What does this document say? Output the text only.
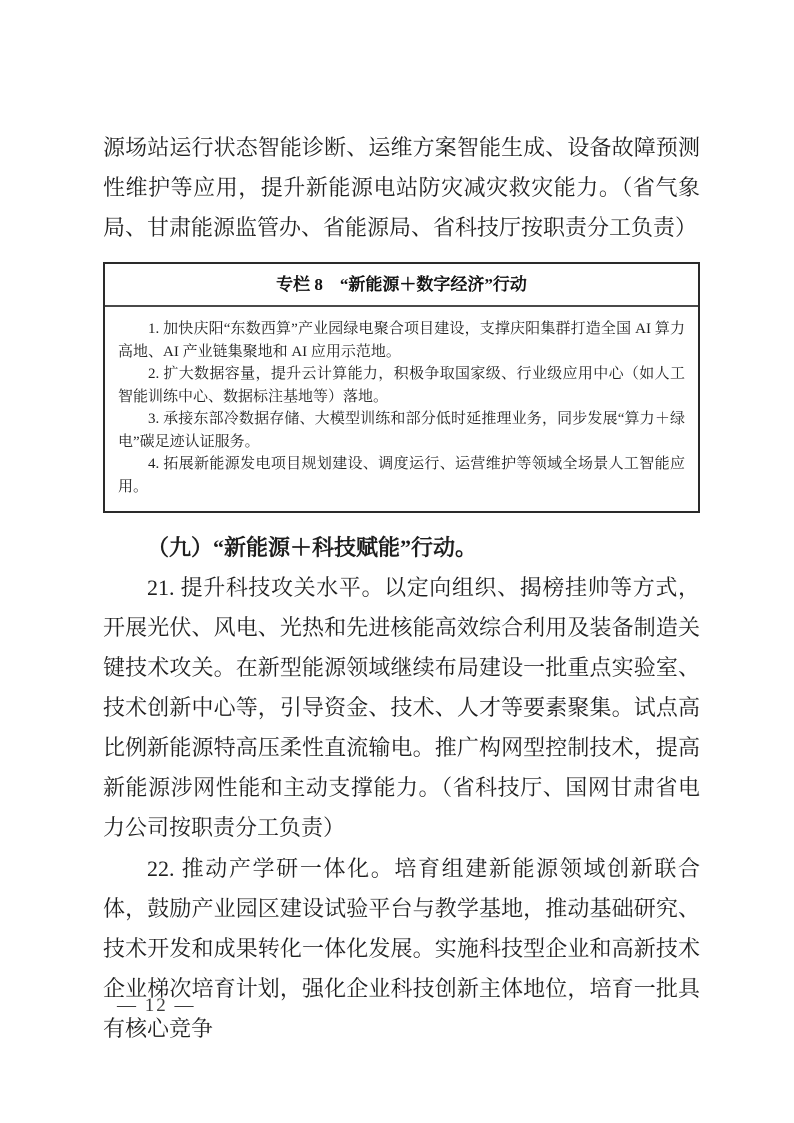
源场站运行状态智能诊断、运维方案智能生成、设备故障预测性维护等应用，提升新能源电站防灾减灾救灾能力。（省气象局、甘肃能源监管办、省能源局、省科技厅按职责分工负责）

专栏 8　“新能源＋数字经济”行动

1. 加快庆阳“东数西算”产业园绿电聚合项目建设，支撑庆阳集群打造全国 AI 算力高地、AI 产业链集聚地和 AI 应用示范地。

2. 扩大数据容量，提升云计算能力，积极争取国家级、行业级应用中心（如人工智能训练中心、数据标注基地等）落地。

3. 承接东部冷数据存储、大模型训练和部分低时延推理业务，同步发展“算力＋绿电”碳足迹认证服务。

4. 拓展新能源发电项目规划建设、调度运行、运营维护等领域全场景人工智能应用。

（九）“新能源＋科技赋能”行动。

21. 提升科技攻关水平。以定向组织、揭榜挂帅等方式，开展光伏、风电、光热和先进核能高效综合利用及装备制造关键技术攻关。在新型能源领域继续布局建设一批重点实验室、技术创新中心等，引导资金、技术、人才等要素聚集。试点高比例新能源特高压柔性直流输电。推广构网型控制技术，提高新能源涉网性能和主动支撑能力。（省科技厅、国网甘肃省电力公司按职责分工负责）

22. 推动产学研一体化。培育组建新能源领域创新联合体，鼓励产业园区建设试验平台与教学基地，推动基础研究、技术开发和成果转化一体化发展。实施科技型企业和高新技术企业梯次培育计划，强化企业科技创新主体地位，培育一批具有核心竞争

— 12 —
